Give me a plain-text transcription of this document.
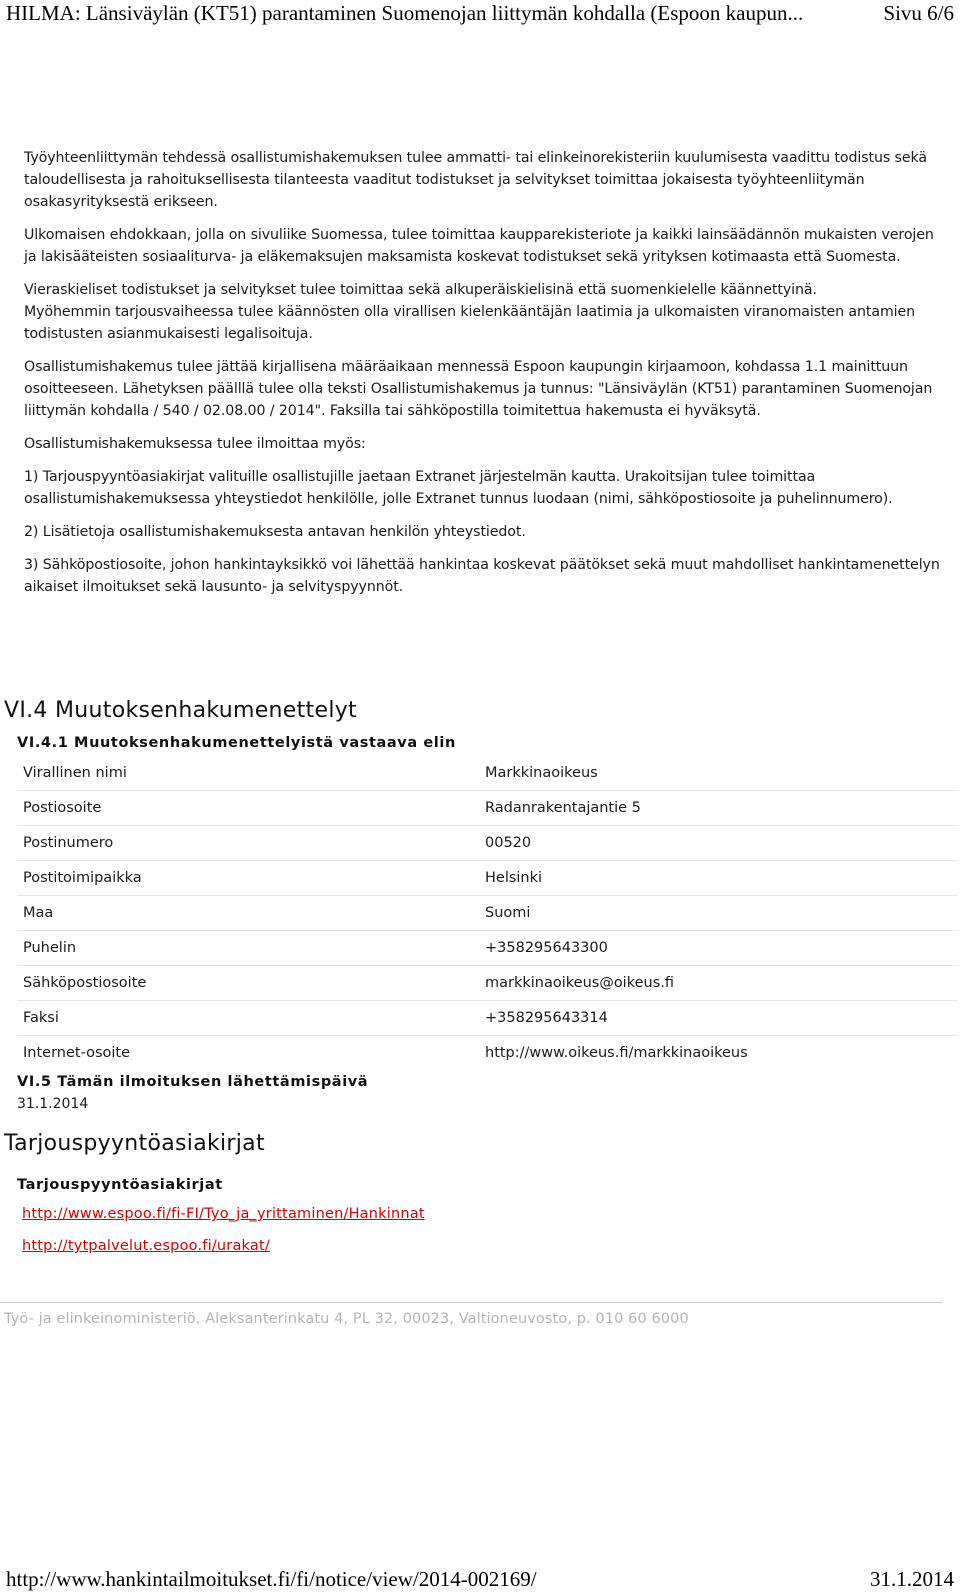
HILMA: Länsiväylän (KT51) parantaminen Suomenojan liittymän kohdalla (Espoon kaupun...	Sivu 6/6

Työyhteenliittymän tehdessä osallistumishakemuksen tulee ammatti- tai elinkeinorekisteriin kuulumisesta vaadittu todistus sekä taloudellisesta ja rahoituksellisesta tilanteesta vaaditut todistukset ja selvitykset toimittaa jokaisesta työyhteenliitymän osakasyrityksestä erikseen.

Ulkomaisen ehdokkaan, jolla on sivuliike Suomessa, tulee toimittaa kaupparekisteriote ja kaikki lainsäädännön mukaisten verojen ja lakisääteisten sosiaaliturva- ja eläkemaksujen maksamista koskevat todistukset sekä yrityksen kotimaasta että Suomesta.

Vieraskieliset todistukset ja selvitykset tulee toimittaa sekä alkuperäiskielisinä että suomenkielelle käännettyinä.

Myöhemmin tarjousvaiheessa tulee käännösten olla virallisen kielenkääntäjän laatimia ja ulkomaisten viranomaisten antamien todistusten asianmukaisesti legalisoituja.

Osallistumishakemus tulee jättää kirjallisena määräaikaan mennessä Espoon kaupungin kirjaamoon, kohdassa 1.1 mainittuun osoitteeseen. Lähetyksen päälllä tulee olla teksti Osallistumishakemus ja tunnus: "Länsiväylän (KT51) parantaminen Suomenojan liittymän kohdalla / 540 / 02.08.00 / 2014". Faksilla tai sähköpostilla toimitettua hakemusta ei hyväksytä.

Osallistumishakemuksessa tulee ilmoittaa myös:

1) Tarjouspyyntöasiakirjat valituille osallistujille jaetaan Extranet järjestelmän kautta. Urakoitsijan tulee toimittaa osallistumishakemuksessa yhteystiedot henkilölle, jolle Extranet tunnus luodaan (nimi, sähköpostiosoite ja puhelinnumero).

2) Lisätietoja osallistumishakemuksesta antavan henkilön yhteystiedot.

3) Sähköpostiosoite, johon hankintayksikkö voi lähettää hankintaa koskevat päätökset sekä muut mahdolliset hankintamenettelyn aikaiset ilmoitukset sekä lausunto- ja selvityspyynnöt.

VI.4 Muutoksenhakumenettelyt
VI.4.1 Muutoksenhakumenettelyistä vastaava elin
Virallinen nimi	Markkinaoikeus
Postiosoite	Radanrakentajantie 5
Postinumero	00520
Postitoimipaikka	Helsinki
Maa	Suomi
Puhelin	+358295643300
Sähköpostiosoite	markkinaoikeus@oikeus.fi
Faksi	+358295643314
Internet-osoite	http://www.oikeus.fi/markkinaoikeus
VI.5 Tämän ilmoituksen lähettämispäivä
31.1.2014
Tarjouspyyntöasiakirjat
Tarjouspyyntöasiakirjat
http://www.espoo.fi/fi-FI/Tyo_ja_yrittaminen/Hankinnat
http://tytpalvelut.espoo.fi/urakat/
Työ- ja elinkeinoministeriö, Aleksanterinkatu 4, PL 32, 00023, Valtioneuvosto, p. 010 60 6000
http://www.hankintailmoitukset.fi/fi/notice/view/2014-002169/	31.1.2014
